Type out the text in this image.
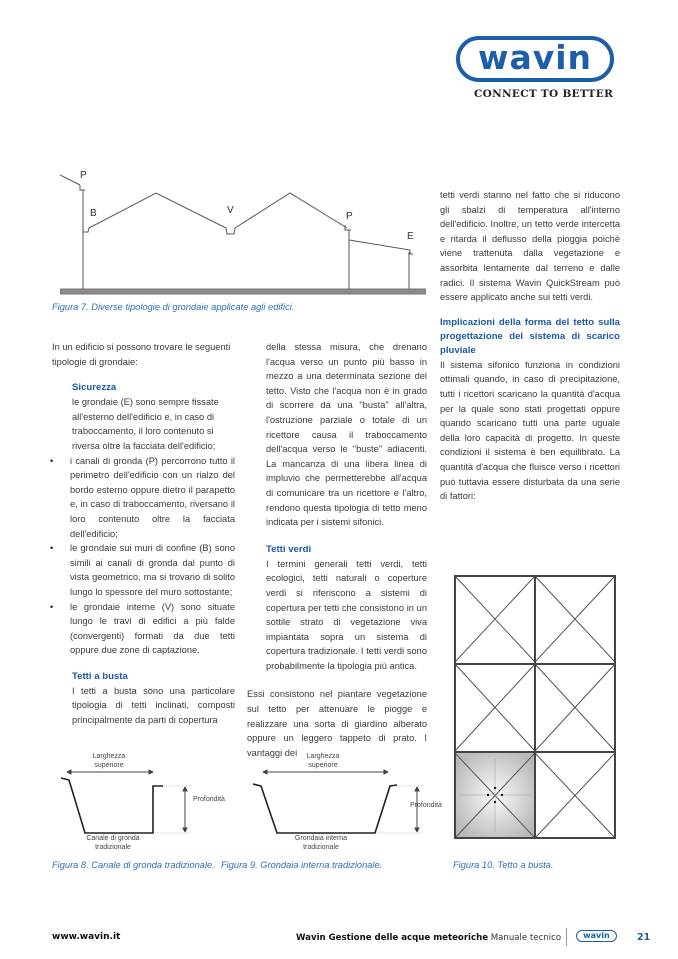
wavin
CONNECT TO BETTER
P
B	V
P
E
Figura 7. Diverse tipologie di grondaie applicate agli edifici.

In un edificio si possono trovare le seguenti tipologie di grondaie:

Sicurezza

le grondaie (E) sono sempre fissate all'esterno dell'edificio e, in caso di traboccamento, il loro contenuto si riversa oltre la facciata dell'edificio;

• i canali di gronda (P) percorrono tutto il perimetro dell'edificio con un rialzo del bordo esterno oppure dietro il parapetto e, in caso di traboccamento, riversano il loro contenuto oltre la facciata dell'edificio;
• le grondaie sui muri di confine (B) sono simili ai canali di gronda dal punto di vista geometrico, ma si trovano di solito lungo lo spessore del muro sottostante;
• le grondaie interne (V) sono situate lungo le travi di edifici a più falde (convergenti) formati da due tetti oppure due zone di captazione.
Tetti a busta

I tetti a busta sono una particolare tipologia di tetti inclinati, composti principalmente da parti di copertura

della stessa misura, che drenano l'acqua verso un punto più basso in mezzo a una determinata sezione del tetto. Visto che l'acqua non è in grado di scorrere da una "busta" all'altra, l'ostruzione parziale o totale di un ricettore causa il traboccamento dell'acqua verso le "buste" adiacenti. La mancanza di una libera linea di impluvio che permetterebbe all'acqua di comunicare tra un ricettore e l'altro, rendono questa tipologia di tetto meno indicata per i sistemi sifonici.

Tetti verdi

I termini generali tetti verdi, tetti ecologici, tetti naturali o coperture verdi si riferiscono a sistemi di copertura per tetti che consistono in un sottile strato di vegetazione viva impiantata sopra un sistema di copertura tradizionale. I tetti verdi sono probabilmente la tipologia più antica.

Essi consistono nel piantare vegetazione sul tetto per attenuare le piogge e realizzare una sorta di giardino alberato oppure un leggero tappeto di prato. I vantaggi dei

tetti verdi stanno nel fatto che si riducono gli sbalzi di temperatura all'interno dell'edificio. Inoltre, un tetto verde intercetta e ritarda il deflusso della pioggia poichè viene trattenuta dalla vegetazione e assorbita lentamente dal terreno e dalle radici. Il sistema Wavin QuickStream può essere applicato anche sui tetti verdi.

Implicazioni della forma del tetto sulla progettazione del sistema di scarico pluviale

Il sistema sifonico funziona in condizioni ottimali quando, in caso di precipitazione, tutti i ricettori scaricano la quantità d'acqua per la quale sono stati progettati oppure quando scaricano tutti una parte uguale della loro capacità di progetto. In queste condizioni il sistema è ben equilibrato. La quantità d'acqua che fluisce verso i ricettori può tuttavia essere disturbata da una serie di fattori:

Larghezza
superiore
Profondità
Canale di gronda
tradizionale
Larghezza
superiore
Profondità
Grondaia interna
tradizionale
Figura 8. Canale di gronda tradizionale. Figura 9. Grondaia interna tradizionale.	Figura 10. Tetto a busta.
www.wavin.it	Wavin Gestione delle acque meteoriche Manuale tecnico	wavin	21
